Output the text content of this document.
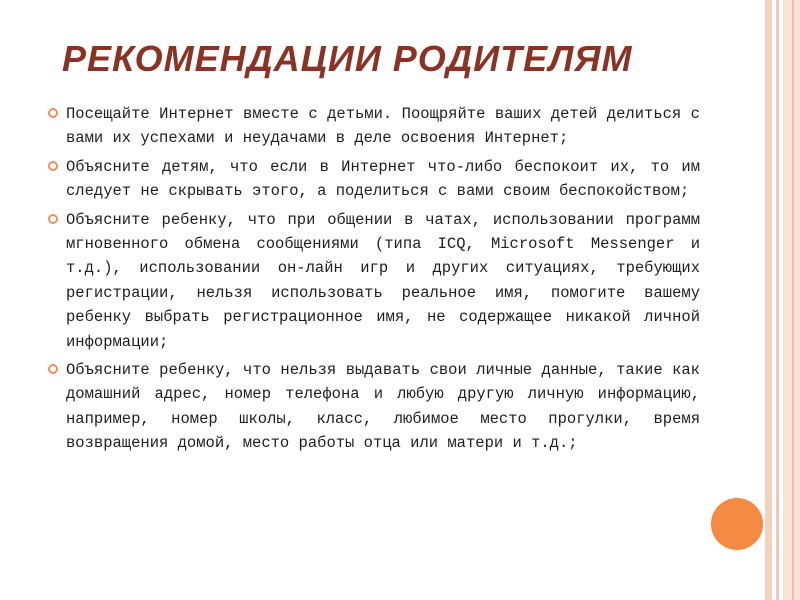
РЕКОМЕНДАЦИИ РОДИТЕЛЯМ
Посещайте Интернет вместе с детьми. Поощряйте ваших детей делиться с вами их успехами и неудачами в деле освоения Интернет;
Объясните детям, что если в Интернет что-либо беспокоит их, то им следует не скрывать этого, а поделиться с вами своим беспокойством;
Объясните ребенку, что при общении в чатах, использовании программ мгновенного обмена сообщениями (типа ICQ, Microsoft Messenger и т.д.), использовании он-лайн игр и других ситуациях, требующих регистрации, нельзя использовать реальное имя, помогите вашему ребенку выбрать регистрационное имя, не содержащее никакой личной информации;
Объясните ребенку, что нельзя выдавать свои личные данные, такие как домашний адрес, номер телефона и любую другую личную информацию, например, номер школы, класс, любимое место прогулки, время возвращения домой, место работы отца или матери и т.д.;
